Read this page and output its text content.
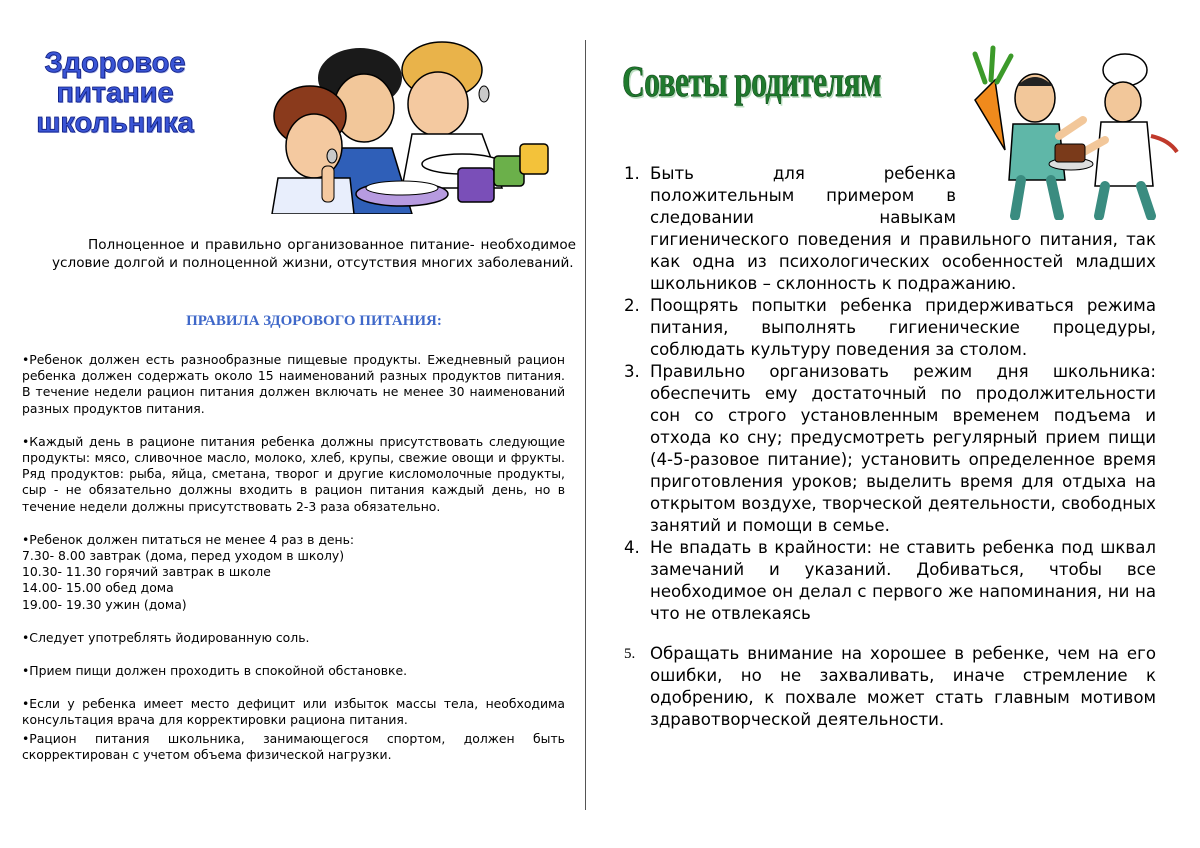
Здоровое
питание
школьника
Полноценное и правильно организованное питание- необходимое условие долгой и полноценной жизни, отсутствия многих заболеваний.
ПРАВИЛА ЗДОРОВОГО ПИТАНИЯ:
•Ребенок должен есть разнообразные пищевые продукты. Ежедневный рацион ребенка должен содержать около 15 наименований разных продуктов питания. В течение недели рацион питания должен включать не менее 30 наименований разных продуктов питания.
•Каждый день в рационе питания ребенка должны присутствовать следующие продукты: мясо, сливочное масло, молоко, хлеб, крупы, свежие овощи и фрукты. Ряд продуктов: рыба, яйца, сметана, творог и другие кисломолочные продукты, сыр - не обязательно должны входить в рацион питания каждый день, но в течение недели должны присутствовать 2-3 раза обязательно.
•Ребенок должен питаться не менее 4 раз в день:
7.30- 8.00 завтрак (дома, перед уходом в школу)
10.30- 11.30 горячий завтрак в школе
14.00- 15.00 обед дома
19.00- 19.30 ужин (дома)
•Следует употреблять йодированную соль.
•Прием пищи должен проходить в спокойной обстановке.
•Если у ребенка имеет место дефицит или избыток массы тела, необходима консультация врача для корректировки рациона питания.
•Рацион питания школьника, занимающегося спортом, должен быть скорректирован с учетом объема физической нагрузки.
Советы родителям
1. Быть для ребенка положительным примером в следовании навыкам гигиенического поведения и правильного питания, так как одна из психологических особенностей младших школьников – склонность к подражанию.
2. Поощрять попытки ребенка придерживаться режима питания, выполнять гигиенические процедуры, соблюдать культуру поведения за столом.
3. Правильно организовать режим дня школьника: обеспечить ему достаточный по продолжительности сон со строго установленным временем подъема и отхода ко сну; предусмотреть регулярный прием пищи (4-5-разовое питание); установить определенное время приготовления уроков; выделить время для отдыха на открытом воздухе, творческой деятельности, свободных занятий и помощи в семье.
4. Не впадать в крайности: не ставить ребенка под шквал замечаний и указаний. Добиваться, чтобы все необходимое он делал с первого же напоминания, ни на что не отвлекаясь
5. Обращать внимание на хорошее в ребенке, чем на его ошибки, но не захваливать, иначе стремление к одобрению, к похвале может стать главным мотивом здравотворческой деятельности.
